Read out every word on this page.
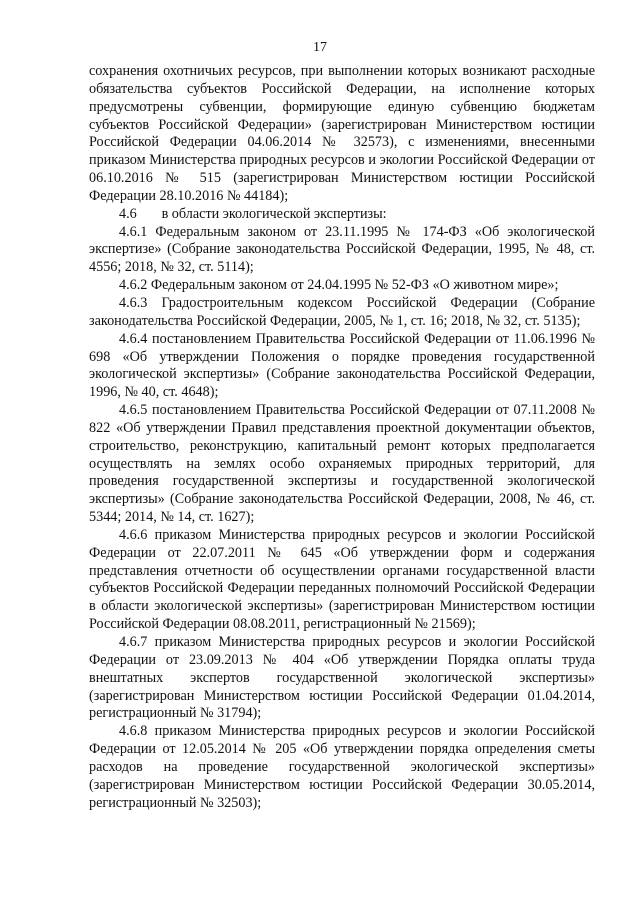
17

сохранения охотничьих ресурсов, при выполнении которых возникают расходные обязательства субъектов Российской Федерации, на исполнение которых предусмотрены субвенции, формирующие единую субвенцию бюджетам субъектов Российской Федерации» (зарегистрирован Министерством юстиции Российской Федерации 04.06.2014 № 32573), с изменениями, внесенными приказом Министерства природных ресурсов и экологии Российской Федерации от 06.10.2016 № 515 (зарегистрирован Министерством юстиции Российской Федерации 28.10.2016 № 44184);

4.6 в области экологической экспертизы:

4.6.1 Федеральным законом от 23.11.1995 № 174-ФЗ «Об экологической экспертизе» (Собрание законодательства Российской Федерации, 1995, № 48, ст. 4556; 2018, № 32, ст. 5114);

4.6.2 Федеральным законом от 24.04.1995 № 52-ФЗ «О животном мире»;

4.6.3 Градостроительным кодексом Российской Федерации (Собрание законодательства Российской Федерации, 2005, № 1, ст. 16; 2018, № 32, ст. 5135);

4.6.4 постановлением Правительства Российской Федерации от 11.06.1996 № 698 «Об утверждении Положения о порядке проведения государственной экологической экспертизы» (Собрание законодательства Российской Федерации, 1996, № 40, ст. 4648);

4.6.5 постановлением Правительства Российской Федерации от 07.11.2008 № 822 «Об утверждении Правил представления проектной документации объектов, строительство, реконструкцию, капитальный ремонт которых предполагается осуществлять на землях особо охраняемых природных территорий, для проведения государственной экспертизы и государственной экологической экспертизы» (Собрание законодательства Российской Федерации, 2008, № 46, ст. 5344; 2014, № 14, ст. 1627);

4.6.6 приказом Министерства природных ресурсов и экологии Российской Федерации от 22.07.2011 № 645 «Об утверждении форм и содержания представления отчетности об осуществлении органами государственной власти субъектов Российской Федерации переданных полномочий Российской Федерации в области экологической экспертизы» (зарегистрирован Министерством юстиции Российской Федерации 08.08.2011, регистрационный № 21569);

4.6.7 приказом Министерства природных ресурсов и экологии Российской Федерации от 23.09.2013 № 404 «Об утверждении Порядка оплаты труда внештатных экспертов государственной экологической экспертизы» (зарегистрирован Министерством юстиции Российской Федерации 01.04.2014, регистрационный № 31794);

4.6.8 приказом Министерства природных ресурсов и экологии Российской Федерации от 12.05.2014 № 205 «Об утверждении порядка определения сметы расходов на проведение государственной экологической экспертизы» (зарегистрирован Министерством юстиции Российской Федерации 30.05.2014, регистрационный № 32503);
